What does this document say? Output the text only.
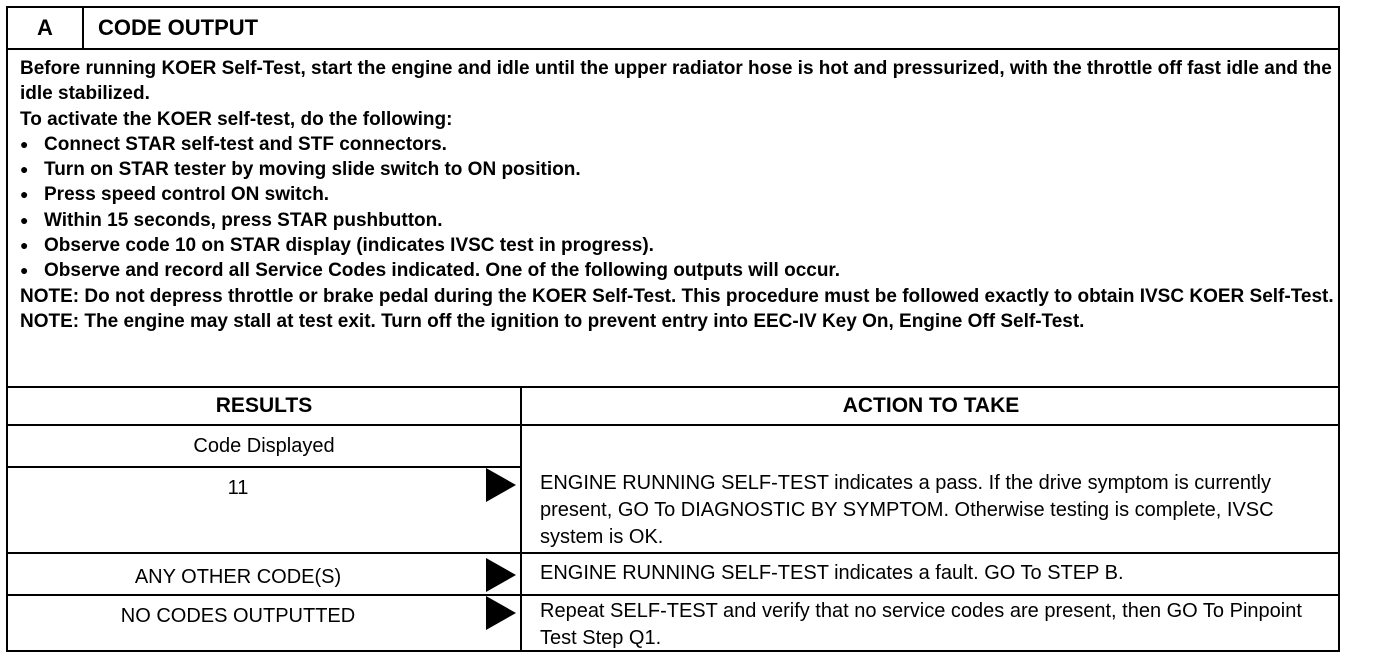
A	CODE OUTPUT

Before running KOER Self-Test, start the engine and idle until the upper radiator hose is hot and pressurized, with the throttle off fast idle and the idle stabilized.

To activate the KOER self-test, do the following:

● Connect STAR self-test and STF connectors.

● Turn on STAR tester by moving slide switch to ON position.

● Press speed control ON switch.

● Within 15 seconds, press STAR pushbutton.

● Observe code 10 on STAR display (indicates IVSC test in progress).

● Observe and record all Service Codes indicated. One of the following outputs will occur.

NOTE: Do not depress throttle or brake pedal during the KOER Self-Test. This procedure must be followed exactly to obtain IVSC KOER Self-Test.

NOTE: The engine may stall at test exit. Turn off the ignition to prevent entry into EEC-IV Key On, Engine Off Self-Test.

RESULTS	ACTION TO TAKE
Code Displayed
11	ENGINE RUNNING SELF-TEST indicates a pass. If the drive symptom is currently present, GO To DIAGNOSTIC BY SYMPTOM. Otherwise testing is complete, IVSC system is OK.
ANY OTHER CODE(S)	ENGINE RUNNING SELF-TEST indicates a fault. GO To STEP B.
NO CODES OUTPUTTED	Repeat SELF-TEST and verify that no service codes are present, then GO To Pinpoint Test Step Q1.
